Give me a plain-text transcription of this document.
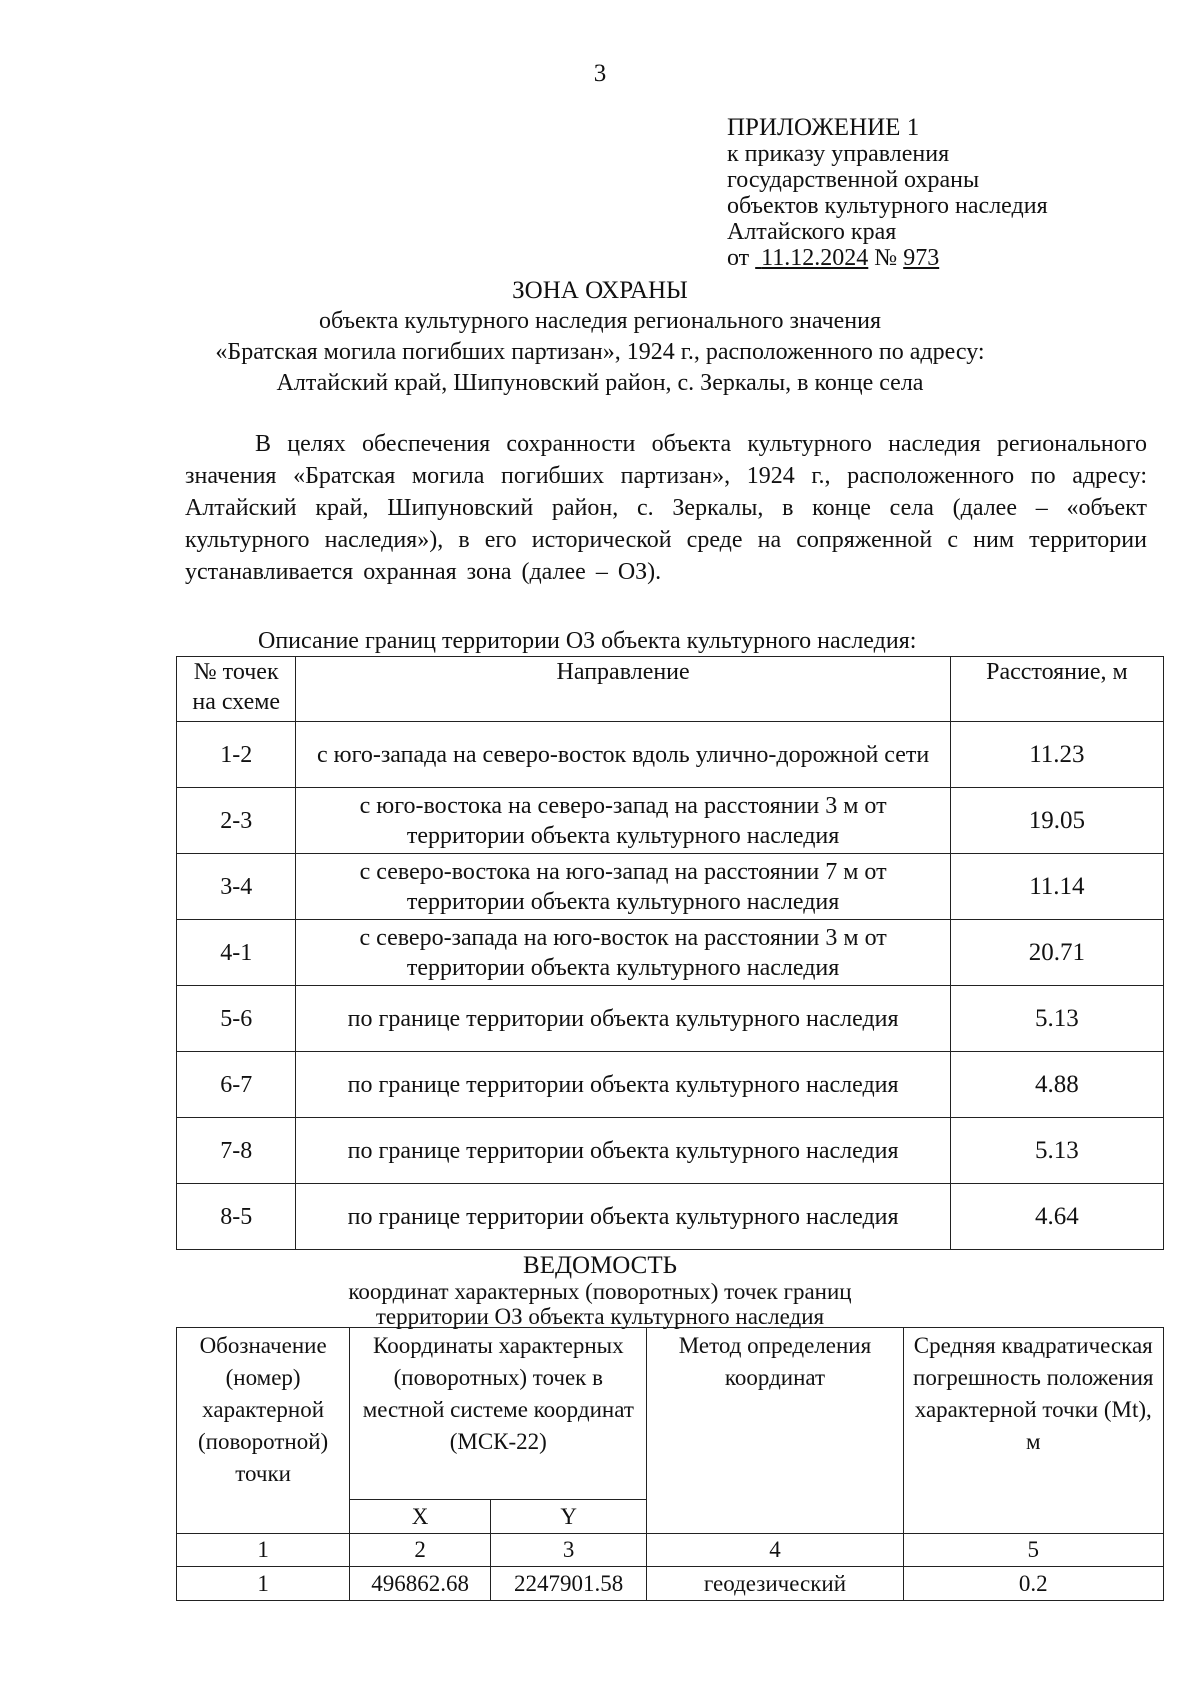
3
ПРИЛОЖЕНИЕ 1
к приказу управления
государственной охраны
объектов культурного наследия
Алтайского края
от 11.12.2024 № 973
ЗОНА ОХРАНЫ
объекта культурного наследия регионального значения
«Братская могила погибших партизан», 1924 г., расположенного по адресу:
Алтайский край, Шипуновский район, с. Зеркалы, в конце села
В целях обеспечения сохранности объекта культурного наследия регионального значения «Братская могила погибших партизан», 1924 г., расположенного по адресу: Алтайский край, Шипуновский район, с. Зеркалы, в конце села (далее – «объект культурного наследия»), в его исторической среде на сопряженной с ним территории устанавливается охранная зона (далее – ОЗ).
Описание границ территории ОЗ объекта культурного наследия:
№ точек на схеме	Направление	Расстояние, м
1-2	с юго-запада на северо-восток вдоль улично-дорожной сети	11.23
2-3	с юго-востока на северо-запад на расстоянии 3 м от территории объекта культурного наследия	19.05
3-4	с северо-востока на юго-запад на расстоянии 7 м от территории объекта культурного наследия	11.14
4-1	с северо-запада на юго-восток на расстоянии 3 м от территории объекта культурного наследия	20.71
5-6	по границе территории объекта культурного наследия	5.13
6-7	по границе территории объекта культурного наследия	4.88
7-8	по границе территории объекта культурного наследия	5.13
8-5	по границе территории объекта культурного наследия	4.64
ВЕДОМОСТЬ
координат характерных (поворотных) точек границ
территории ОЗ объекта культурного наследия
Обозначение (номер) характерной (поворотной) точки	Координаты характерных (поворотных) точек в местной системе координат (МСК-22)		Метод определения координат	Средняя квадратическая погрешность положения характерной точки (Mt), м
	X	Y		
1	2	3	4	5
1	496862.68	2247901.58	геодезический	0.2
